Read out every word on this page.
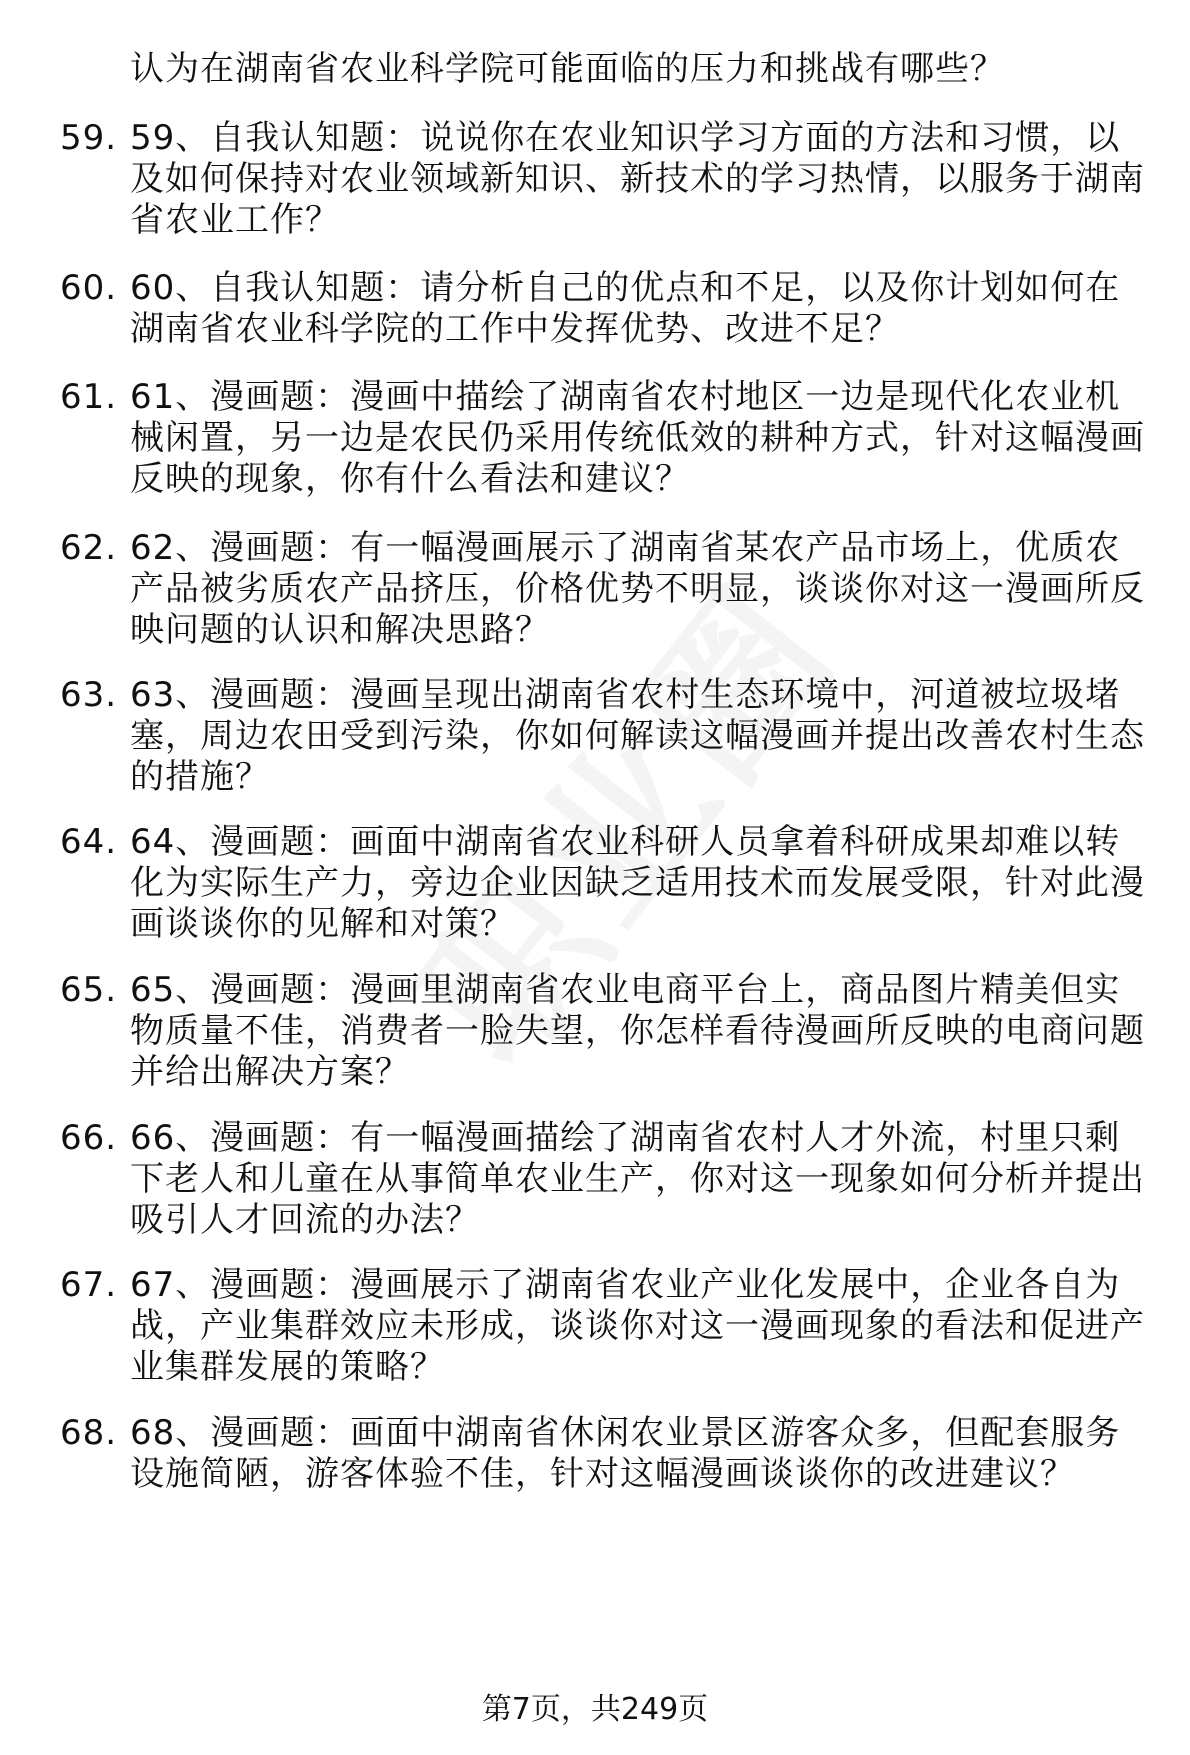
认为在湖南省农业科学院可能面临的压力和挑战有哪些？
59. 59、自我认知题：说说你在农业知识学习方面的方法和习惯，以及如何保持对农业领域新知识、新技术的学习热情，以服务于湖南省农业工作？
60. 60、自我认知题：请分析自己的优点和不足，以及你计划如何在湖南省农业科学院的工作中发挥优势、改进不足？
61. 61、漫画题：漫画中描绘了湖南省农村地区一边是现代化农业机械闲置，另一边是农民仍采用传统低效的耕种方式，针对这幅漫画反映的现象，你有什么看法和建议？
62. 62、漫画题：有一幅漫画展示了湖南省某农产品市场上，优质农产品被劣质农产品挤压，价格优势不明显，谈谈你对这一漫画所反映问题的认识和解决思路？
63. 63、漫画题：漫画呈现出湖南省农村生态环境中，河道被垃圾堵塞，周边农田受到污染，你如何解读这幅漫画并提出改善农村生态的措施？
64. 64、漫画题：画面中湖南省农业科研人员拿着科研成果却难以转化为实际生产力，旁边企业因缺乏适用技术而发展受限，针对此漫画谈谈你的见解和对策？
65. 65、漫画题：漫画里湖南省农业电商平台上，商品图片精美但实物质量不佳，消费者一脸失望，你怎样看待漫画所反映的电商问题并给出解决方案？
66. 66、漫画题：有一幅漫画描绘了湖南省农村人才外流，村里只剩下老人和儿童在从事简单农业生产，你对这一现象如何分析并提出吸引人才回流的办法？
67. 67、漫画题：漫画展示了湖南省农业产业化发展中，企业各自为战，产业集群效应未形成，谈谈你对这一漫画现象的看法和促进产业集群发展的策略？
68. 68、漫画题：画面中湖南省休闲农业景区游客众多，但配套服务设施简陋，游客体验不佳，针对这幅漫画谈谈你的改进建议？
第7页，共249页
